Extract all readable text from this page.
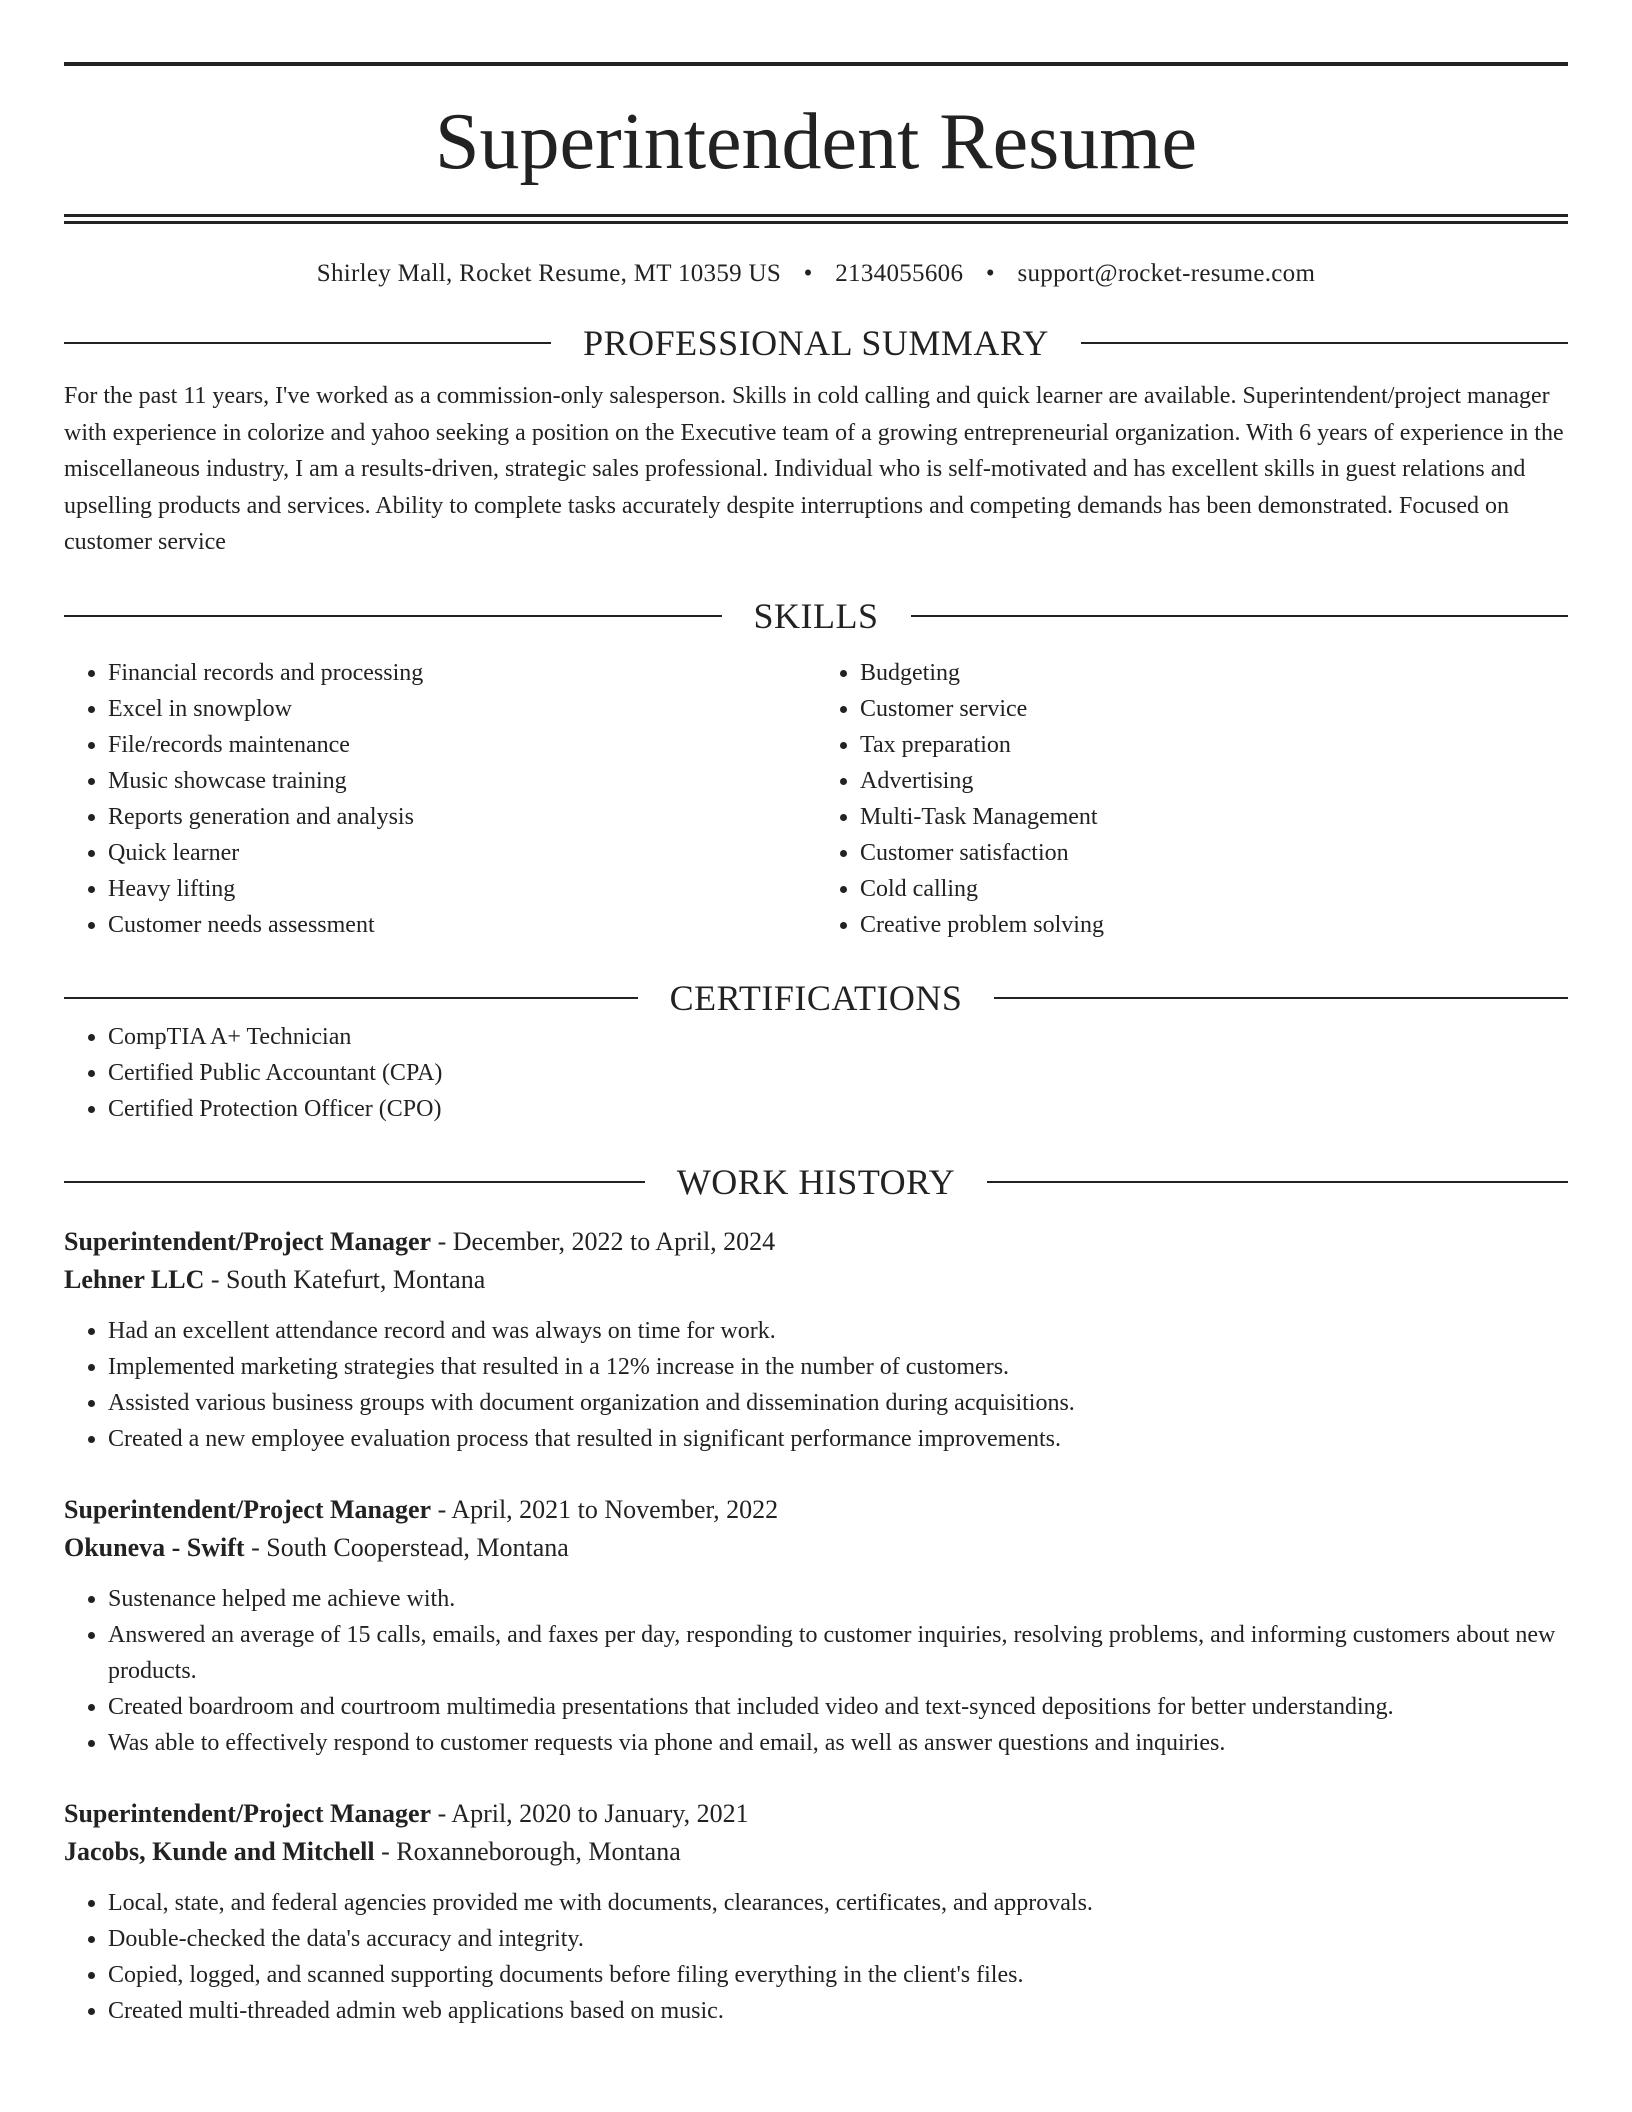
Superintendent Resume
Shirley Mall, Rocket Resume, MT 10359 US • 2134055606 • support@rocket-resume.com
PROFESSIONAL SUMMARY
For the past 11 years, I've worked as a commission-only salesperson. Skills in cold calling and quick learner are available. Superintendent/project manager with experience in colorize and yahoo seeking a position on the Executive team of a growing entrepreneurial organization. With 6 years of experience in the miscellaneous industry, I am a results-driven, strategic sales professional. Individual who is self-motivated and has excellent skills in guest relations and upselling products and services. Ability to complete tasks accurately despite interruptions and competing demands has been demonstrated. Focused on customer service
SKILLS
• Financial records and processing
• Excel in snowplow
• File/records maintenance
• Music showcase training
• Reports generation and analysis
• Quick learner
• Heavy lifting
• Customer needs assessment
• Budgeting
• Customer service
• Tax preparation
• Advertising
• Multi-Task Management
• Customer satisfaction
• Cold calling
• Creative problem solving
CERTIFICATIONS
• CompTIA A+ Technician
• Certified Public Accountant (CPA)
• Certified Protection Officer (CPO)
WORK HISTORY
Superintendent/Project Manager - December, 2022 to April, 2024
Lehner LLC - South Katefurt, Montana
• Had an excellent attendance record and was always on time for work.
• Implemented marketing strategies that resulted in a 12% increase in the number of customers.
• Assisted various business groups with document organization and dissemination during acquisitions.
• Created a new employee evaluation process that resulted in significant performance improvements.
Superintendent/Project Manager - April, 2021 to November, 2022
Okuneva - Swift - South Cooperstead, Montana
• Sustenance helped me achieve with.
• Answered an average of 15 calls, emails, and faxes per day, responding to customer inquiries, resolving problems, and informing customers about new products.
• Created boardroom and courtroom multimedia presentations that included video and text-synced depositions for better understanding.
• Was able to effectively respond to customer requests via phone and email, as well as answer questions and inquiries.
Superintendent/Project Manager - April, 2020 to January, 2021
Jacobs, Kunde and Mitchell - Roxanneborough, Montana
• Local, state, and federal agencies provided me with documents, clearances, certificates, and approvals.
• Double-checked the data's accuracy and integrity.
• Copied, logged, and scanned supporting documents before filing everything in the client's files.
• Created multi-threaded admin web applications based on music.
